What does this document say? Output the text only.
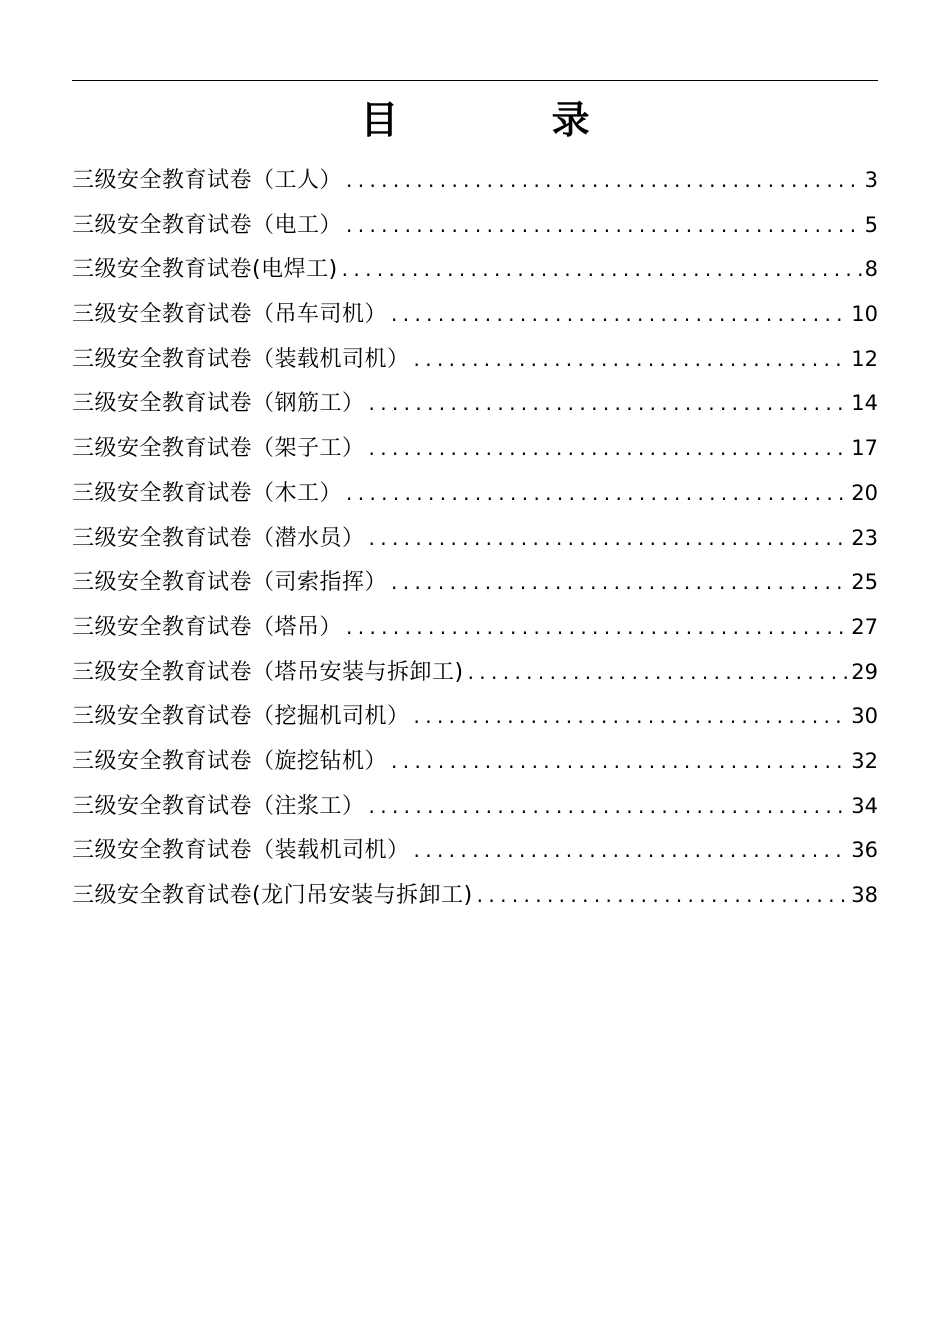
目 录
三级安全教育试卷（工人） . . .	3
三级安全教育试卷（电工） . . .	5
三级安全教育试卷(电焊工) . . .	8
三级安全教育试卷（吊车司机） . . .	10
三级安全教育试卷（装载机司机） . . .	12
三级安全教育试卷（钢筋工） . . .	14
三级安全教育试卷（架子工） . . .	17
三级安全教育试卷（木工） . . .	20
三级安全教育试卷（潜水员） . . .	23
三级安全教育试卷（司索指挥） . . .	25
三级安全教育试卷（塔吊） . . .	27
三级安全教育试卷（塔吊安装与拆卸工) . . .	29
三级安全教育试卷（挖掘机司机） . . .	30
三级安全教育试卷（旋挖钻机） . . .	32
三级安全教育试卷（注浆工） . . .	34
三级安全教育试卷（装载机司机） . . .	36
三级安全教育试卷(龙门吊安装与拆卸工) . . .	38
